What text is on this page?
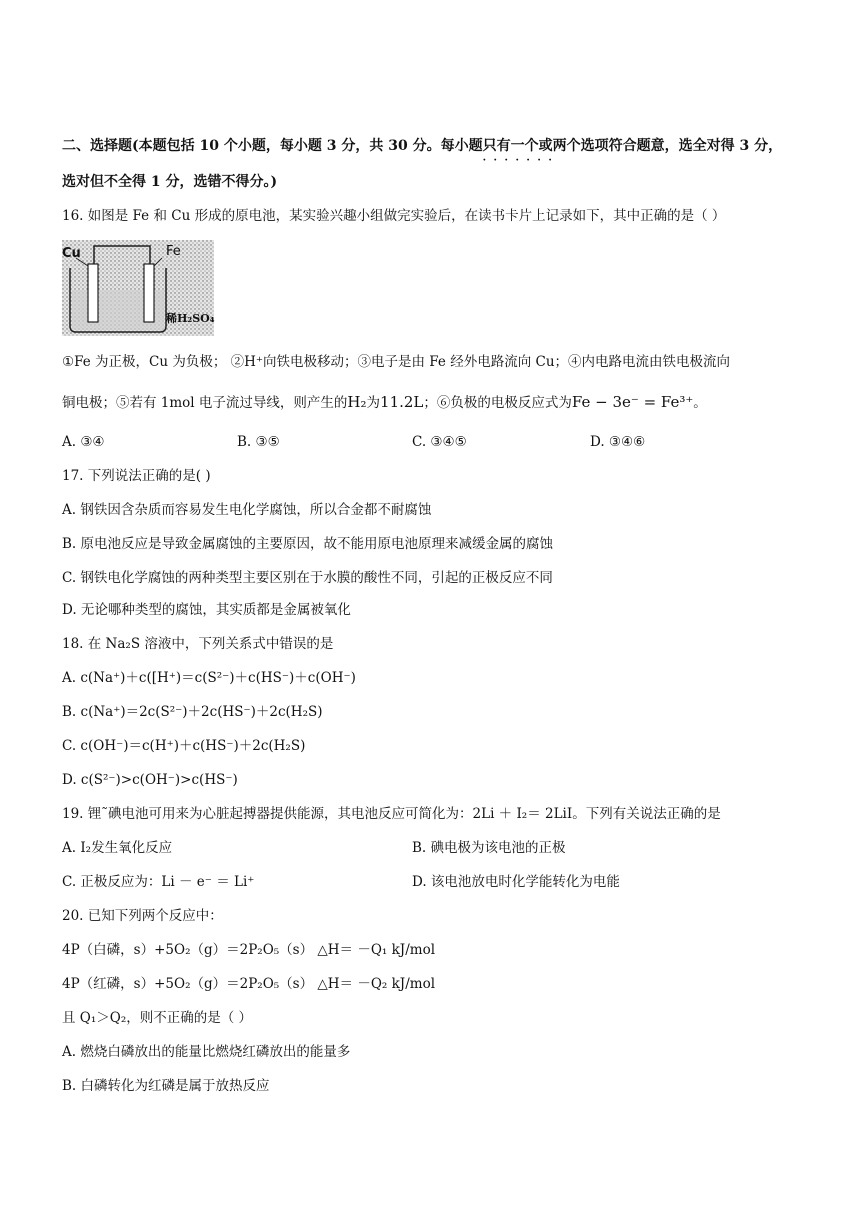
二、选择题(本题包括 10 个小题，每小题 3 分，共 30 分。每小题只有一个或两个 · · ·选项符合题意，选全对得 3 分，
选对但不全得 1 分，选错不得分。)
16. 如图是 Fe 和 Cu 形成的原电池，某实验兴趣小组做完实验后，在读书卡片上记录如下，其中正确的是（ ）
Cu	Fe
稀H₂SO₄
①Fe 为正极，Cu 为负极； ②H⁺向铁电极移动；③电子是由 Fe 经外电路流向 Cu；④内电路电流由铁电极流向
铜电极；⑤若有 1mol 电子流过导线，则产生的H₂为11.2L；⑥负极的电极反应式为Fe − 3e⁻ = Fe³⁺。
A. ③④	B. ③⑤	C. ③④⑤	D. ③④⑥
17. 下列说法正确的是( )
A. 钢铁因含杂质而容易发生电化学腐蚀，所以合金都不耐腐蚀
B. 原电池反应是导致金属腐蚀的主要原因，故不能用原电池原理来减缓金属的腐蚀
C. 钢铁电化学腐蚀的两种类型主要区别在于水膜的酸性不同，引起的正极反应不同
D. 无论哪种类型的腐蚀，其实质都是金属被氧化
18. 在 Na₂S 溶液中，下列关系式中错误的是
A. c(Na⁺)＋c([H⁺)＝c(S²⁻)＋c(HS⁻)＋c(OH⁻)
B. c(Na⁺)＝2c(S²⁻)＋2c(HS⁻)＋2c(H₂S)
C. c(OH⁻)＝c(H⁺)＋c(HS⁻)＋2c(H₂S)
D. c(S²⁻)>c(OH⁻)>c(HS⁻)
19. 锂˜碘电池可用来为心脏起搏器提供能源，其电池反应可简化为：2Li ＋ I₂＝ 2LiI。下列有关说法正确的是
A. I₂发生氧化反应	B. 碘电极为该电池的正极
C. 正极反应为：Li － e⁻ ＝ Li⁺	D. 该电池放电时化学能转化为电能
20. 已知下列两个反应中：
4P（白磷，s）+5O₂（g）＝2P₂O₅（s） △H＝ －Q₁ kJ/mol
4P（红磷，s）+5O₂（g）＝2P₂O₅（s） △H＝ －Q₂ kJ/mol
且 Q₁＞Q₂，则不正确的是（ ）
A. 燃烧白磷放出的能量比燃烧红磷放出的能量多
B. 白磷转化为红磷是属于放热反应
